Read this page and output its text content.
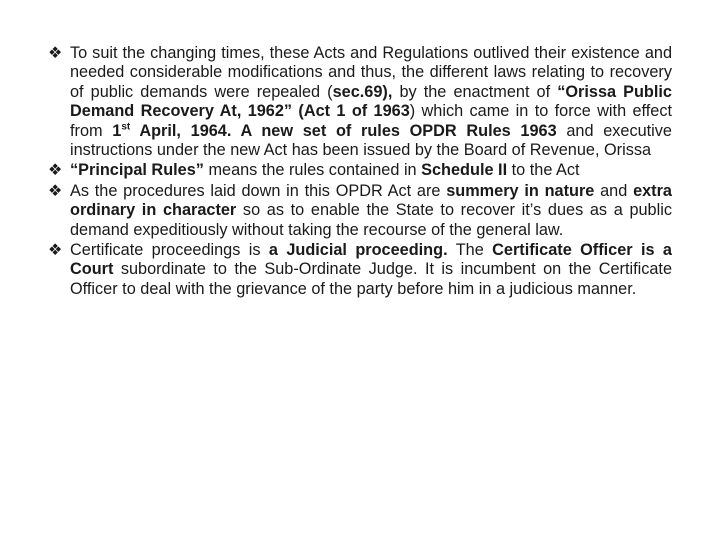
❖ To suit the changing times, these Acts and Regulations outlived their existence and needed considerable modifications and thus, the different laws relating to recovery of public demands were repealed (sec.69), by the enactment of “Orissa Public Demand Recovery At, 1962” (Act 1 of 1963) which came in to force with effect from 1st April, 1964. A new set of rules OPDR Rules 1963 and executive instructions under the new Act has been issued by the Board of Revenue, Orissa
❖ “Principal Rules” means the rules contained in Schedule II to the Act
❖ As the procedures laid down in this OPDR Act are summery in nature and extra ordinary in character so as to enable the State to recover it’s dues as a public demand expeditiously without taking the recourse of the general law.
❖ Certificate proceedings is a Judicial proceeding. The Certificate Officer is a Court subordinate to the Sub-Ordinate Judge. It is incumbent on the Certificate Officer to deal with the grievance of the party before him in a judicious manner.
